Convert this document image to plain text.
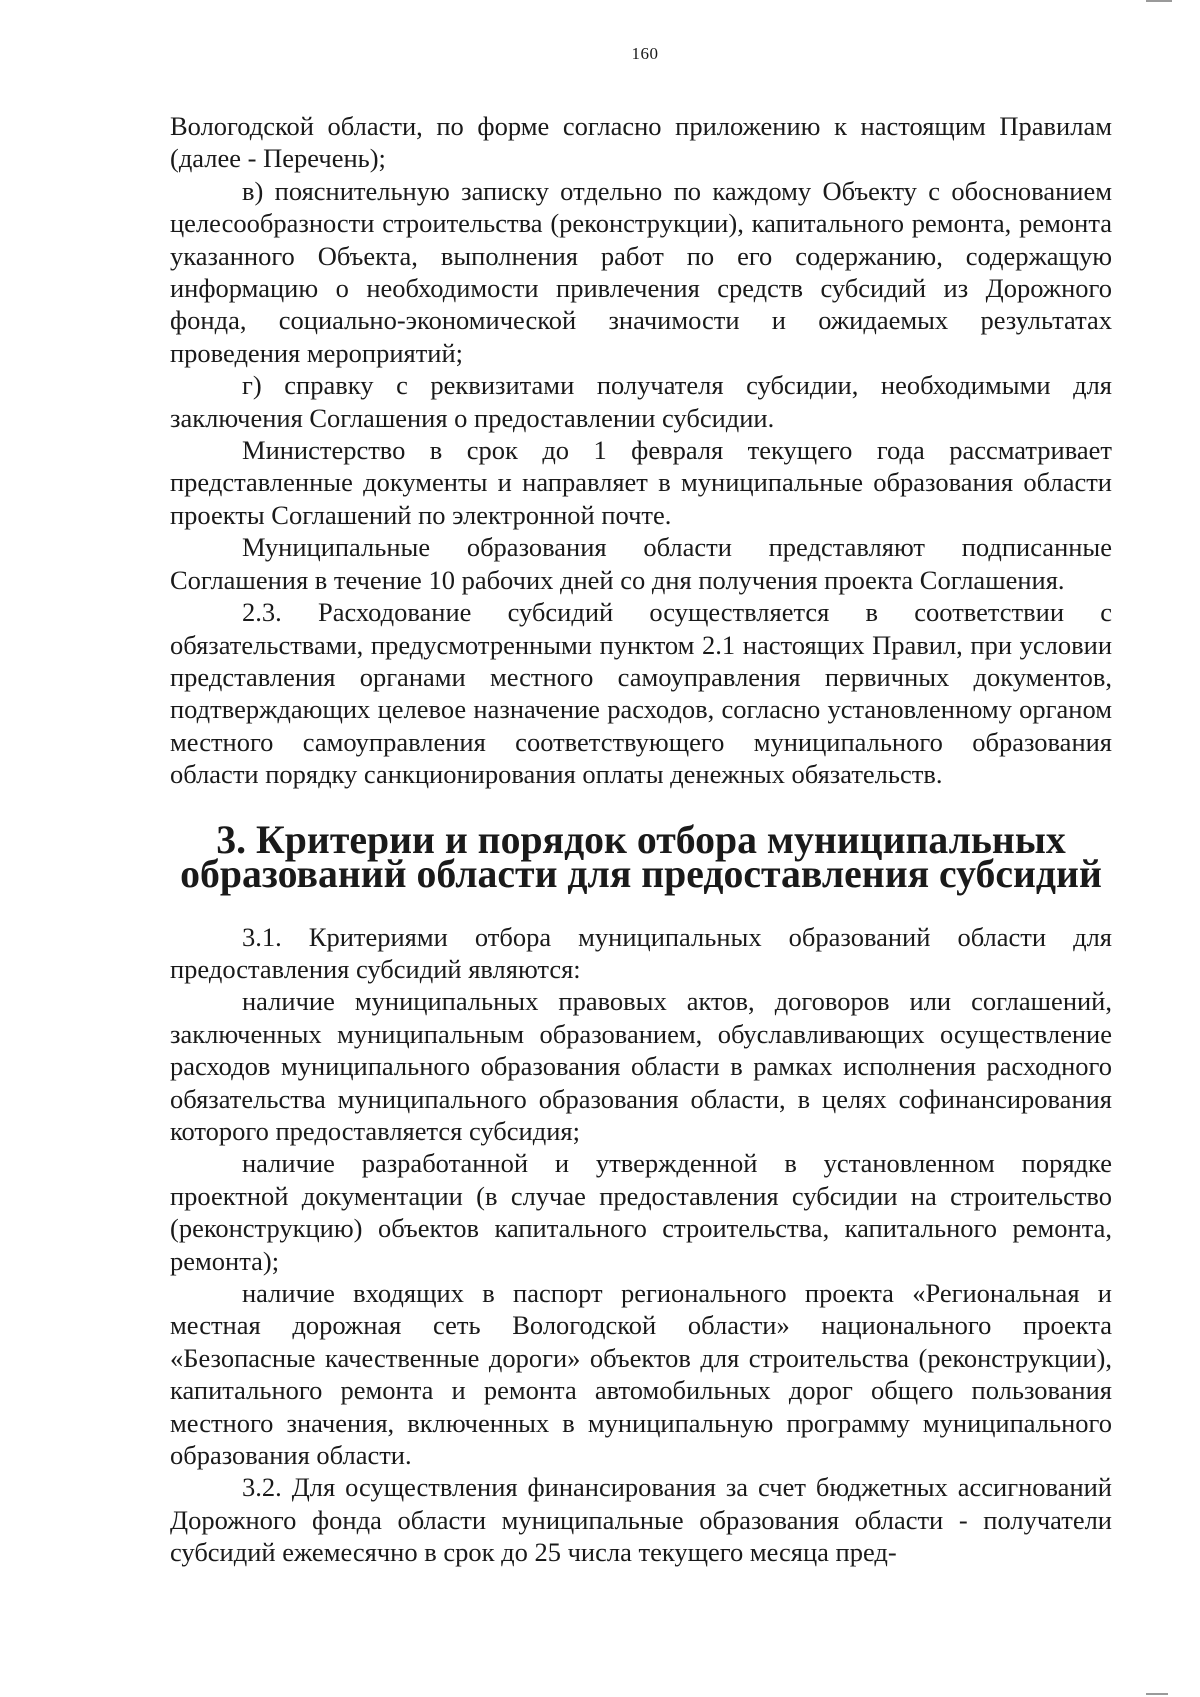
160

Вологодской области, по форме согласно приложению к настоящим Правилам (далее - Перечень);

в) пояснительную записку отдельно по каждому Объекту с обоснованием целесообразности строительства (реконструкции), капитального ремонта, ремонта указанного Объекта, выполнения работ по его содержанию, содержащую информацию о необходимости привлечения средств субсидий из Дорожного фонда, социально-экономической значимости и ожидаемых результатах проведения мероприятий;

г) справку с реквизитами получателя субсидии, необходимыми для заключения Соглашения о предоставлении субсидии.

Министерство в срок до 1 февраля текущего года рассматривает представленные документы и направляет в муниципальные образования области проекты Соглашений по электронной почте.

Муниципальные образования области представляют подписанные Соглашения в течение 10 рабочих дней со дня получения проекта Соглашения.

2.3. Расходование субсидий осуществляется в соответствии с обязательствами, предусмотренными пунктом 2.1 настоящих Правил, при условии представления органами местного самоуправления первичных документов, подтверждающих целевое назначение расходов, согласно установленному органом местного самоуправления соответствующего муниципального образования области порядку санкционирования оплаты денежных обязательств.

3. Критерии и порядок отбора муниципальных
образований области для предоставления субсидий

3.1. Критериями отбора муниципальных образований области для предоставления субсидий являются:

наличие муниципальных правовых актов, договоров или соглашений, заключенных муниципальным образованием, обуславливающих осуществление расходов муниципального образования области в рамках исполнения расходного обязательства муниципального образования области, в целях софинансирования которого предоставляется субсидия;

наличие разработанной и утвержденной в установленном порядке проектной документации (в случае предоставления субсидии на строительство (реконструкцию) объектов капитального строительства, капитального ремонта, ремонта);

наличие входящих в паспорт регионального проекта «Региональная и местная дорожная сеть Вологодской области» национального проекта «Безопасные качественные дороги» объектов для строительства (реконструкции), капитального ремонта и ремонта автомобильных дорог общего пользования местного значения, включенных в муниципальную программу муниципального образования области.

3.2. Для осуществления финансирования за счет бюджетных ассигнований Дорожного фонда области муниципальные образования области - получатели субсидий ежемесячно в срок до 25 числа текущего месяца пред-
